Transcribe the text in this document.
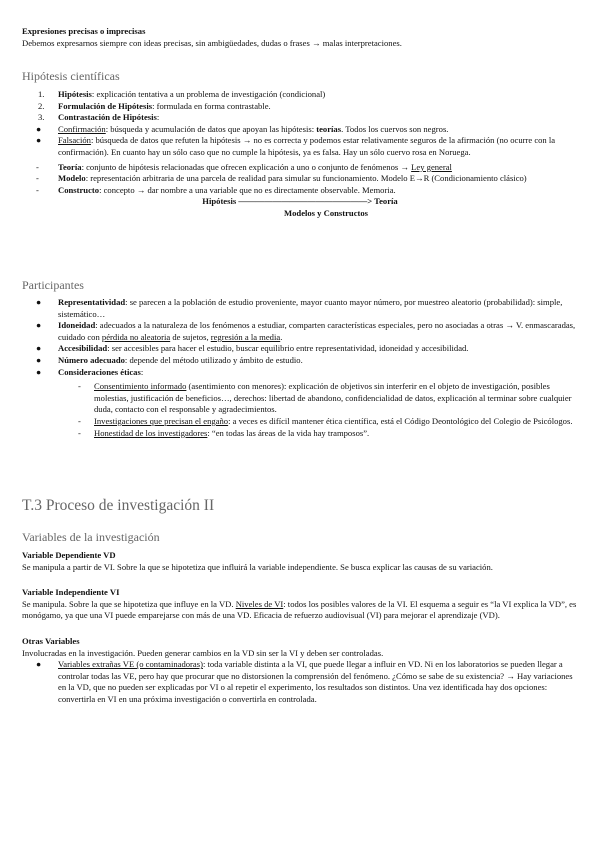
Expresiones precisas o imprecisas

Debemos expresarnos siempre con ideas precisas, sin ambigüedades, dudas o frases → malas interpretaciones.

Hipótesis científicas
1. Hipótesis: explicación tentativa a un problema de investigación (condicional)

2. Formulación de Hipótesis: formulada en forma contrastable.

3. Contrastación de Hipótesis:

● Confirmación: búsqueda y acumulación de datos que apoyan las hipótesis: teorías. Todos los cuervos son negros.

● Falsación: búsqueda de datos que refuten la hipótesis → no es correcta y podemos estar relativamente seguros de la afirmación (no ocurre con la confirmación). En cuanto hay un sólo caso que no cumple la hipótesis, ya es falsa. Hay un sólo cuervo rosa en Noruega.

- Teoría: conjunto de hipótesis relacionadas que ofrecen explicación a uno o conjunto de fenómenos → Ley general

- Modelo: representación arbitraria de una parcela de realidad para simular su funcionamiento. Modelo E→R (Condicionamiento clásico)

- Constructo: concepto → dar nombre a una variable que no es directamente observable. Memoria.

Hipótesis ———————————————> Teoría

Modelos y Constructos

Participantes
● Representatividad: se parecen a la población de estudio proveniente, mayor cuanto mayor número, por muestreo aleatorio (probabilidad): simple, sistemático…

● Idoneidad: adecuados a la naturaleza de los fenómenos a estudiar, comparten características especiales, pero no asociadas a otras → V. enmascaradas, cuidado con pérdida no aleatoria de sujetos, regresión a la media.

● Accesibilidad: ser accesibles para hacer el estudio, buscar equilibrio entre representatividad, idoneidad y accesibilidad.

● Número adecuado: depende del método utilizado y ámbito de estudio.

● Consideraciones éticas:

- Consentimiento informado (asentimiento con menores): explicación de objetivos sin interferir en el objeto de investigación, posibles molestias, justificación de beneficios…, derechos: libertad de abandono, confidencialidad de datos, explicación al terminar sobre cualquier duda, contacto con el responsable y agradecimientos.

- Investigaciones que precisan el engaño: a veces es difícil mantener ética científica, está el Código Deontológico del Colegio de Psicólogos.

- Honestidad de los investigadores: “en todas las áreas de la vida hay tramposos”.

T.3 Proceso de investigación II
Variables de la investigación

Variable Dependiente VD

Se manipula a partir de VI. Sobre la que se hipotetiza que influirá la variable independiente. Se busca explicar las causas de su variación.

Variable Independiente VI

Se manipula. Sobre la que se hipotetiza que influye en la VD. Niveles de VI: todos los posibles valores de la VI. El esquema a seguir es “la VI explica la VD”, es monógamo, ya que una VI puede emparejarse con más de una VD. Eficacia de refuerzo audiovisual (VI) para mejorar el aprendizaje (VD).

Otras Variables

Involucradas en la investigación. Pueden generar cambios en la VD sin ser la VI y deben ser controladas.

● Variables extrañas VE (o contaminadoras): toda variable distinta a la VI, que puede llegar a influir en VD. Ni en los laboratorios se pueden llegar a controlar todas las VE, pero hay que procurar que no distorsionen la comprensión del fenómeno. ¿Cómo se sabe de su existencia? → Hay variaciones en la VD, que no pueden ser explicadas por VI o al repetir el experimento, los resultados son distintos. Una vez identificada hay dos opciones: convertirla en VI en una próxima investigación o convertirla en controlada.
